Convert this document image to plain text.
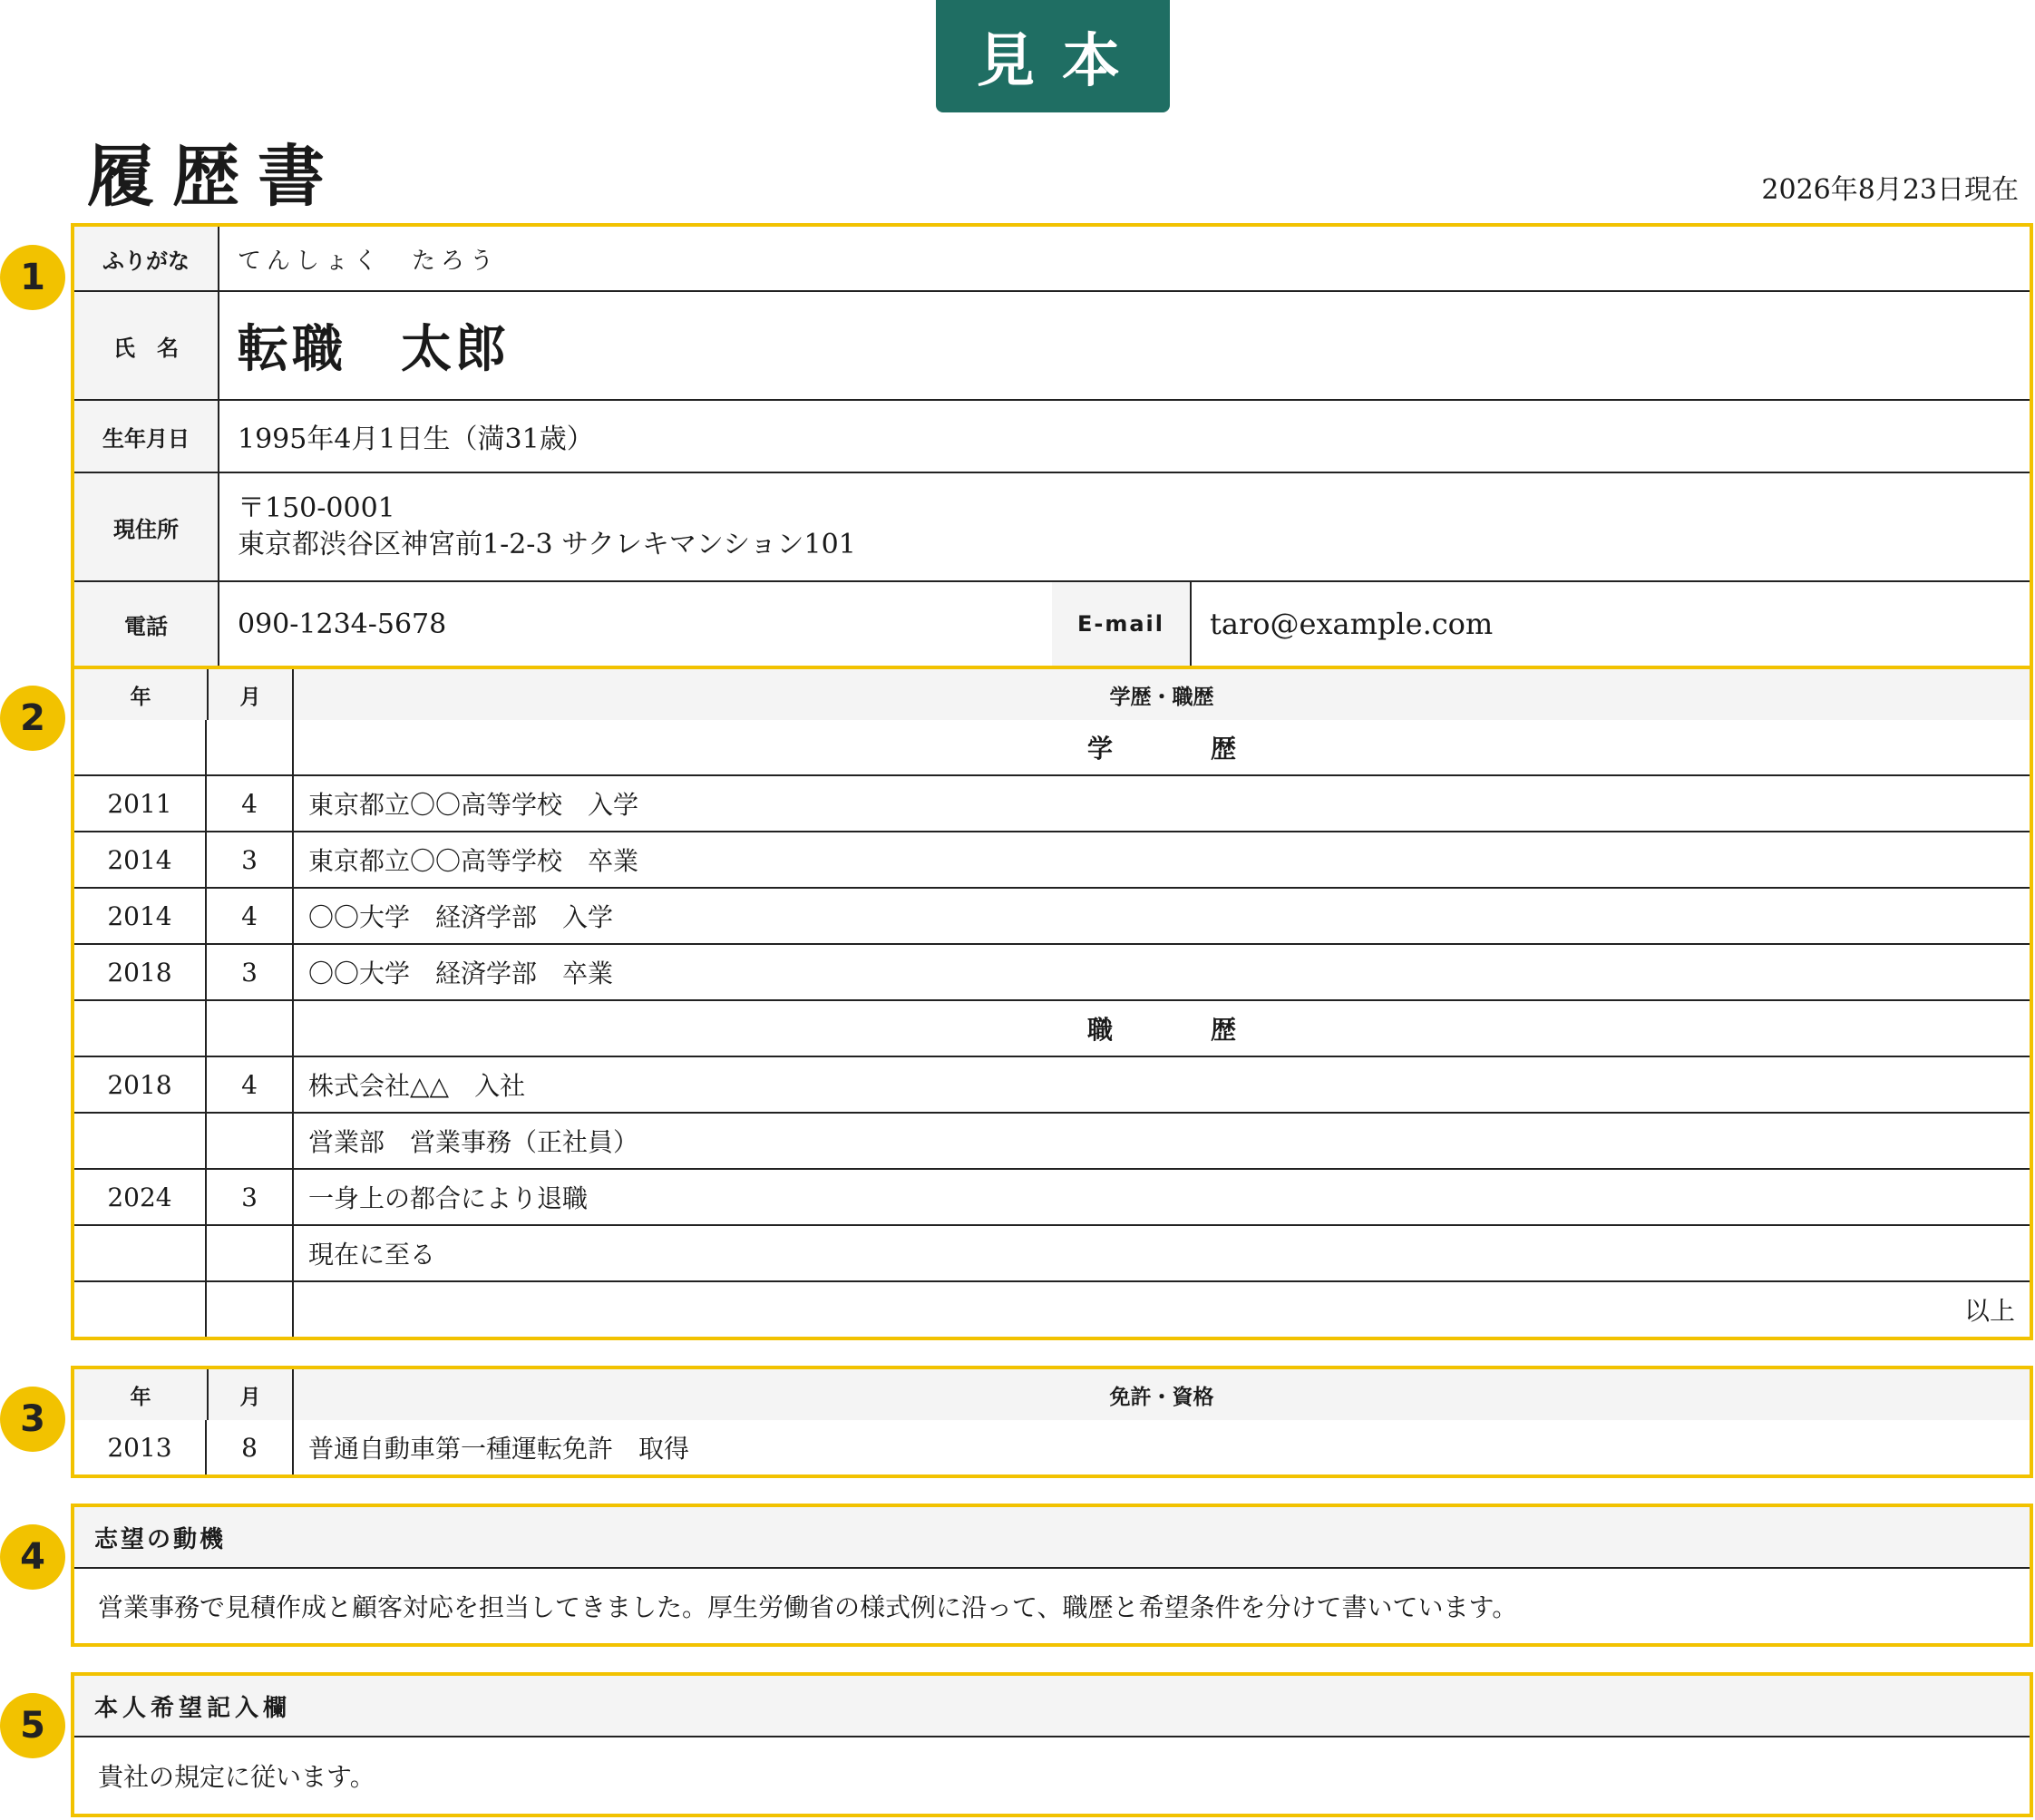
見本
履歴書	2026年8月23日現在
1
2
3
4
5
ふりがな	てんしょく　たろう
氏　名	転職　太郎
生年月日	1995年4月1日生（満31歳）
現住所
〒150-0001
東京都渋谷区神宮前1-2-3 サクレキマンション101
電話	090-1234-5678	E-mail	taro@example.com
年	月	学歴・職歴
学　歴
2011	4	東京都立〇〇高等学校　入学
2014	3	東京都立〇〇高等学校　卒業
2014	4	〇〇大学　経済学部　入学
2018	3	〇〇大学　経済学部　卒業
職　歴
2018	4	株式会社△△　入社
営業部　営業事務（正社員）
2024	3	一身上の都合により退職
現在に至る
以上
年	月	免許・資格
2013	8	普通自動車第一種運転免許　取得
志望の動機
営業事務で見積作成と顧客対応を担当してきました。厚生労働省の様式例に沿って、職歴と希望条件を分けて書いています。
本人希望記入欄
貴社の規定に従います。
